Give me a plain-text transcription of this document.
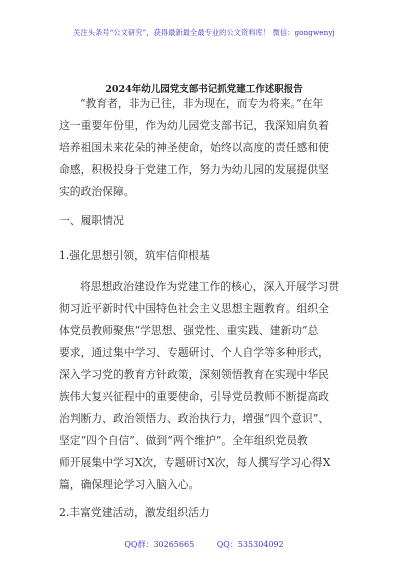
关注头条号“公文研究”，获得最新最全最专业的公文资料库！ 微信：gongwenyj
2024年幼儿园党支部书记抓党建工作述职报告
“教育者，非为已往，非为现在，而专为将来。”在年
这一重要年份里，作为幼儿园党支部书记，我深知肩负着
培养祖国未来花朵的神圣使命，始终以高度的责任感和使
命感，积极投身于党建工作，努力为幼儿园的发展提供坚
实的政治保障。
一、履职情况
1.强化思想引领，筑牢信仰根基
将思想政治建设作为党建工作的核心，深入开展学习贯
彻习近平新时代中国特色社会主义思想主题教育。组织全
体党员教师聚焦“学思想、强党性、重实践、建新功”总
要求，通过集中学习、专题研讨、个人自学等多种形式，
深入学习党的教育方针政策，深刻领悟教育在实现中华民
族伟大复兴征程中的重要使命，引导党员教师不断提高政
治判断力、政治领悟力、政治执行力，增强“四个意识”、
坚定“四个自信”、做到“两个维护”。全年组织党员教
师开展集中学习X次，专题研讨X次，每人撰写学习心得X
篇，确保理论学习入脑入心。
2.丰富党建活动，激发组织活力
QQ群：30265665	QQ：535304092
